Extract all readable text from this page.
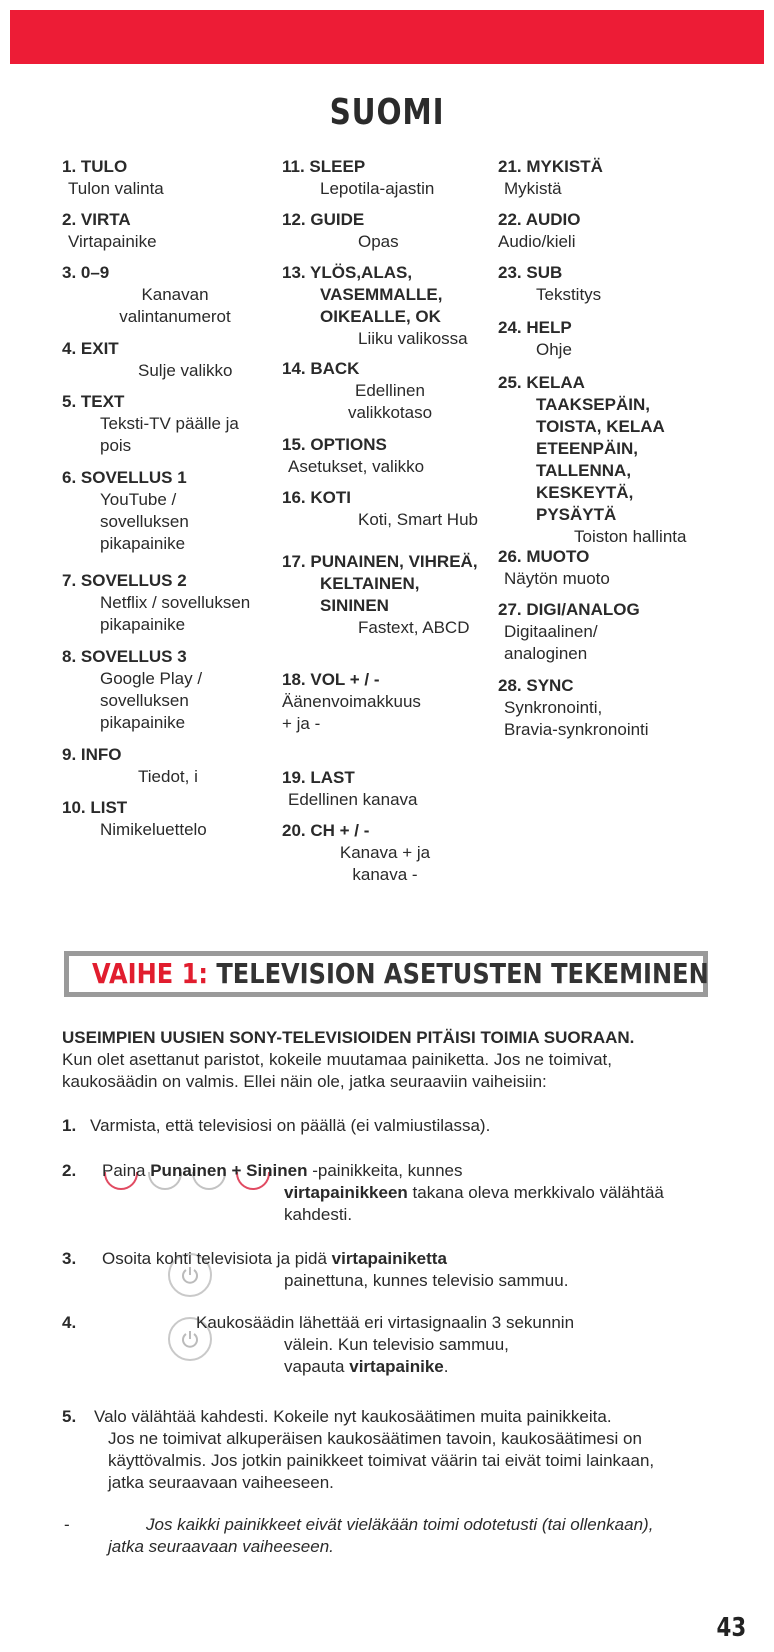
SUOMI
1. TULO
Tulon valinta
2. VIRTA
Virtapainike
3. 0–9
Kanavan valintanumerot
4. EXIT
Sulje valikko
5. TEXT
Teksti-TV päälle ja pois
6. SOVELLUS 1
YouTube / sovelluksen pikapainike
7. SOVELLUS 2
Netflix / sovelluksen pikapainike
8. SOVELLUS 3
Google Play / sovelluksen pikapainike
9. INFO
Tiedot, i
10. LIST
Nimikeluettelo
11. SLEEP
Lepotila-ajastin
12. GUIDE
Opas
13. YLÖS,ALAS, VASEMMALLE, OIKEALLE, OK
Liiku valikossa
14. BACK
Edellinen valikkotaso
15. OPTIONS
Asetukset, valikko
16. KOTI
Koti, Smart Hub
17. PUNAINEN, VIHREÄ, KELTAINEN, SININEN
Fastext, ABCD
18. VOL + / -
Äänenvoimakkuus + ja -
19. LAST
Edellinen kanava
20. CH + / -
Kanava + ja kanava -
21. MYKISTÄ
Mykistä
22. AUDIO
Audio/kieli
23. SUB
Tekstitys
24. HELP
Ohje
25. KELAA TAAKSEPÄIN, TOISTA, KELAA ETEENPÄIN, TALLENNA, KESKEYTÄ, PYSÄYTÄ
Toiston hallinta
26. MUOTO
Näytön muoto
27. DIGI/ANALOG
Digitaalinen/ analoginen
28. SYNC
Synkronointi, Bravia-synkronointi
VAIHE 1: TELEVISION ASETUSTEN TEKEMINEN
USEIMPIEN UUSIEN SONY-TELEVISIOIDEN PITÄISI TOIMIA SUORAAN.
Kun olet asettanut paristot, kokeile muutamaa painiketta. Jos ne toimivat, kaukosäädin on valmis. Ellei näin ole, jatka seuraaviin vaiheisiin:
1. Varmista, että televisiosi on päällä (ei valmiustilassa).
2. Paina Punainen + Sininen -painikkeita, kunnes
virtapainikkeen takana oleva merkkivalo välähtää
kahdesti.
3. Osoita kohti televisiota ja pidä virtapainiketta
painettuna, kunnes televisio sammuu.
4.	Kaukosäädin lähettää eri virtasignaalin 3 sekunnin
välein. Kun televisio sammuu,
vapauta virtapainike.
5. Valo välähtää kahdesti. Kokeile nyt kaukosäätimen muita painikkeita.
Jos ne toimivat alkuperäisen kaukosäätimen tavoin, kaukosäätimesi on
käyttövalmis. Jos jotkin painikkeet toimivat väärin tai eivät toimi lainkaan,
jatka seuraavaan vaiheeseen.
-	Jos kaikki painikkeet eivät vieläkään toimi odotetusti (tai ollenkaan),
jatka seuraavaan vaiheeseen.
43
